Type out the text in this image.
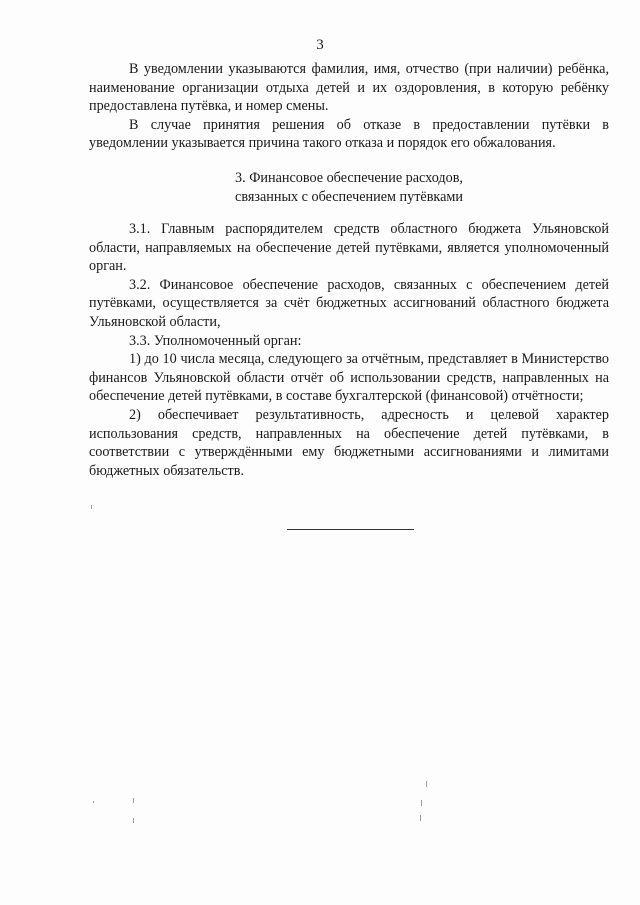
3

В уведомлении указываются фамилия, имя, отчество (при наличии) ребёнка, наименование организации отдыха детей и их оздоровления, в которую ребёнку предоставлена путёвка, и номер смены.

В случае принятия решения об отказе в предоставлении путёвки в уведомлении указывается причина такого отказа и порядок его обжалования.

3. Финансовое обеспечение расходов,
связанных с обеспечением путёвками

3.1. Главным распорядителем средств областного бюджета Ульяновской области, направляемых на обеспечение детей путёвками, является уполномоченный орган.

3.2. Финансовое обеспечение расходов, связанных с обеспечением детей путёвками, осуществляется за счёт бюджетных ассигнований областного бюджета Ульяновской области,

3.3. Уполномоченный орган:

1) до 10 числа месяца, следующего за отчётным, представляет в Министерство финансов Ульяновской области отчёт об использовании средств, направленных на обеспечение детей путёвками, в составе бухгалтерской (финансовой) отчётности;

2) обеспечивает результативность, адресность и целевой характер использования средств, направленных на обеспечение детей путёвками, в соответствии с утверждёнными ему бюджетными ассигнованиями и лимитами бюджетных обязательств.
